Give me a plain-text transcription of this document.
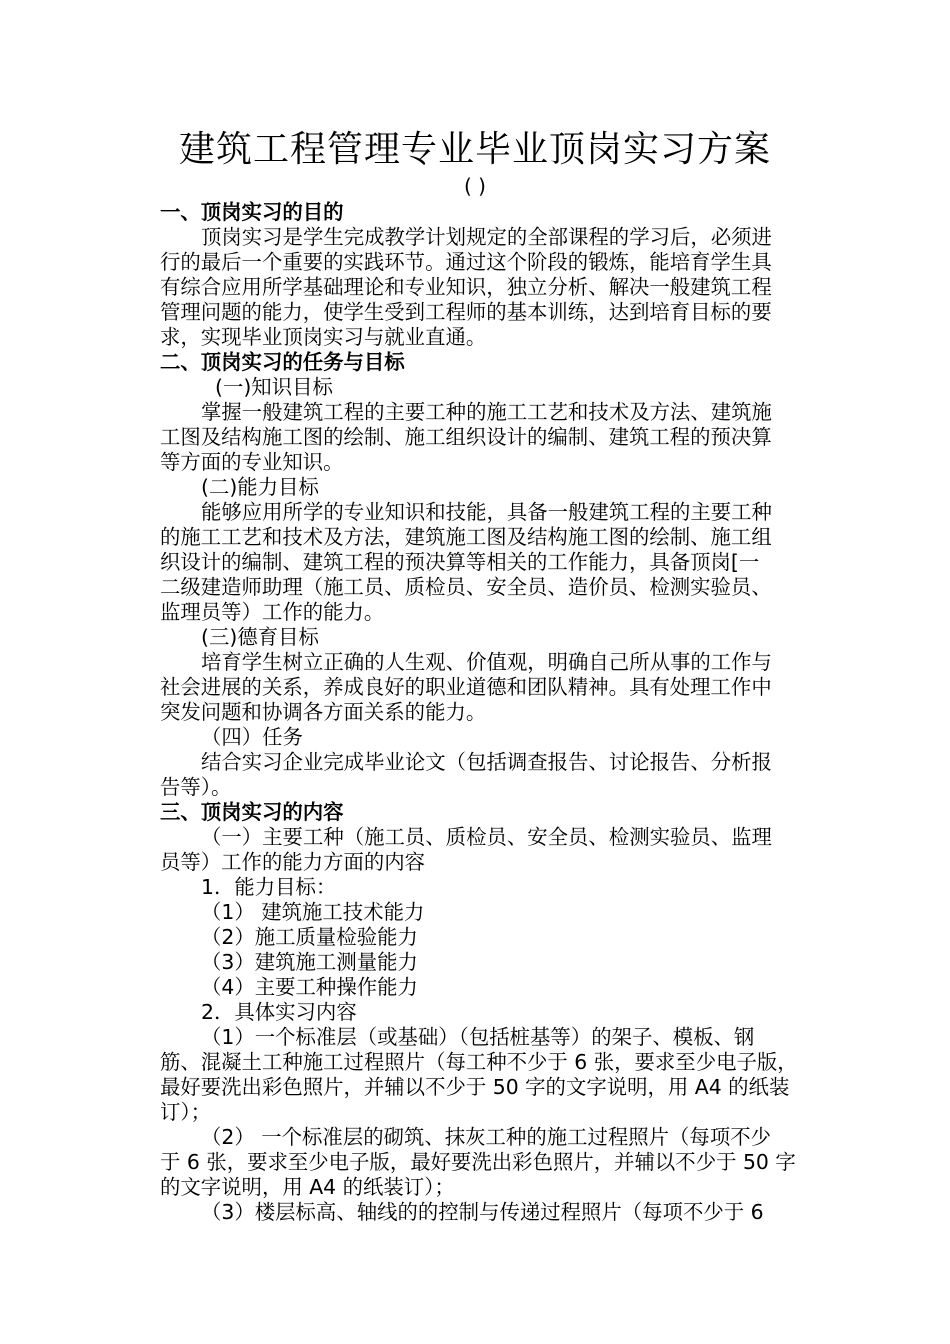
建筑工程管理专业毕业顶岗实习方案
( )
一、顶岗实习的目的
顶岗实习是学生完成教学计划规定的全部课程的学习后，必须进
行的最后一个重要的实践环节。通过这个阶段的锻炼，能培育学生具
有综合应用所学基础理论和专业知识，独立分析、解决一般建筑工程
管理问题的能力，使学生受到工程师的基本训练，达到培育目标的要
求，实现毕业顶岗实习与就业直通。
二、顶岗实习的任务与目标
(一)知识目标
掌握一般建筑工程的主要工种的施工工艺和技术及方法、建筑施
工图及结构施工图的绘制、施工组织设计的编制、建筑工程的预决算
等方面的专业知识。
(二)能力目标
能够应用所学的专业知识和技能，具备一般建筑工程的主要工种
的施工工艺和技术及方法，建筑施工图及结构施工图的绘制、施工组
织设计的编制、建筑工程的预决算等相关的工作能力，具备顶岗[一
二级建造师助理（施工员、质检员、安全员、造价员、检测实验员、
监理员等）工作的能力。
(三)德育目标
培育学生树立正确的人生观、价值观，明确自己所从事的工作与
社会进展的关系，养成良好的职业道德和团队精神。具有处理工作中
突发问题和协调各方面关系的能力。
（四）任务
结合实习企业完成毕业论文（包括调查报告、讨论报告、分析报
告等）。
三、顶岗实习的内容
（一）主要工种（施工员、质检员、安全员、检测实验员、监理
员等）工作的能力方面的内容
1．能力目标：
（1） 建筑施工技术能力
（2）施工质量检验能力
（3）建筑施工测量能力
（4）主要工种操作能力
2．具体实习内容
（1）一个标准层（或基础）（包括桩基等）的架子、模板、钢
筋、混凝土工种施工过程照片（每工种不少于 6 张，要求至少电子版，
最好要洗出彩色照片，并辅以不少于 50 字的文字说明，用 A4 的纸装
订）；
（2） 一个标准层的砌筑、抹灰工种的施工过程照片（每项不少
于 6 张，要求至少电子版，最好要洗出彩色照片，并辅以不少于 50 字
的文字说明，用 A4 的纸装订）；
（3）楼层标高、轴线的的控制与传递过程照片（每项不少于 6
